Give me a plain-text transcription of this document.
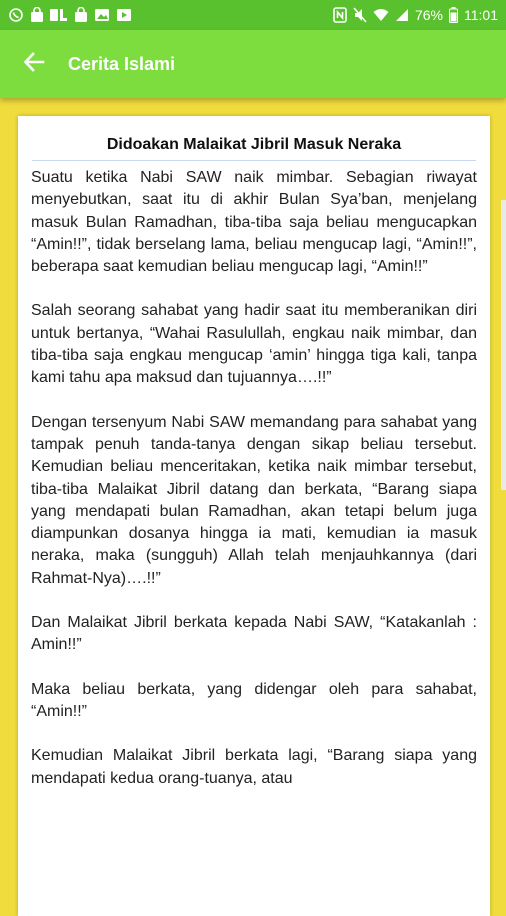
76% 11:01
Cerita Islami
Didoakan Malaikat Jibril Masuk Neraka

Suatu ketika Nabi SAW naik mimbar. Sebagian riwayat menyebutkan, saat itu di akhir Bulan Sya’ban, menjelang masuk Bulan Ramadhan, tiba-tiba saja beliau mengucapkan “Amin!!”, tidak berselang lama, beliau mengucap lagi, “Amin!!”, beberapa saat kemudian beliau mengucap lagi, “Amin!!”

Salah seorang sahabat yang hadir saat itu memberanikan diri untuk bertanya, “Wahai Rasulullah, engkau naik mimbar, dan tiba-tiba saja engkau mengucap ‘amin’ hingga tiga kali, tanpa kami tahu apa maksud dan tujuannya….!!”

Dengan tersenyum Nabi SAW memandang para sahabat yang tampak penuh tanda-tanya dengan sikap beliau tersebut. Kemudian beliau menceritakan, ketika naik mimbar tersebut, tiba-tiba Malaikat Jibril datang dan berkata, “Barang siapa yang mendapati bulan Ramadhan, akan tetapi belum juga diampunkan dosanya hingga ia mati, kemudian ia masuk neraka, maka (sungguh) Allah telah menjauhkannya (dari Rahmat-Nya)….!!”

Dan Malaikat Jibril berkata kepada Nabi SAW, “Katakanlah : Amin!!”

Maka beliau berkata, yang didengar oleh para sahabat, “Amin!!”

Kemudian Malaikat Jibril berkata lagi, “Barang siapa yang mendapati kedua orang-tuanya, atau
